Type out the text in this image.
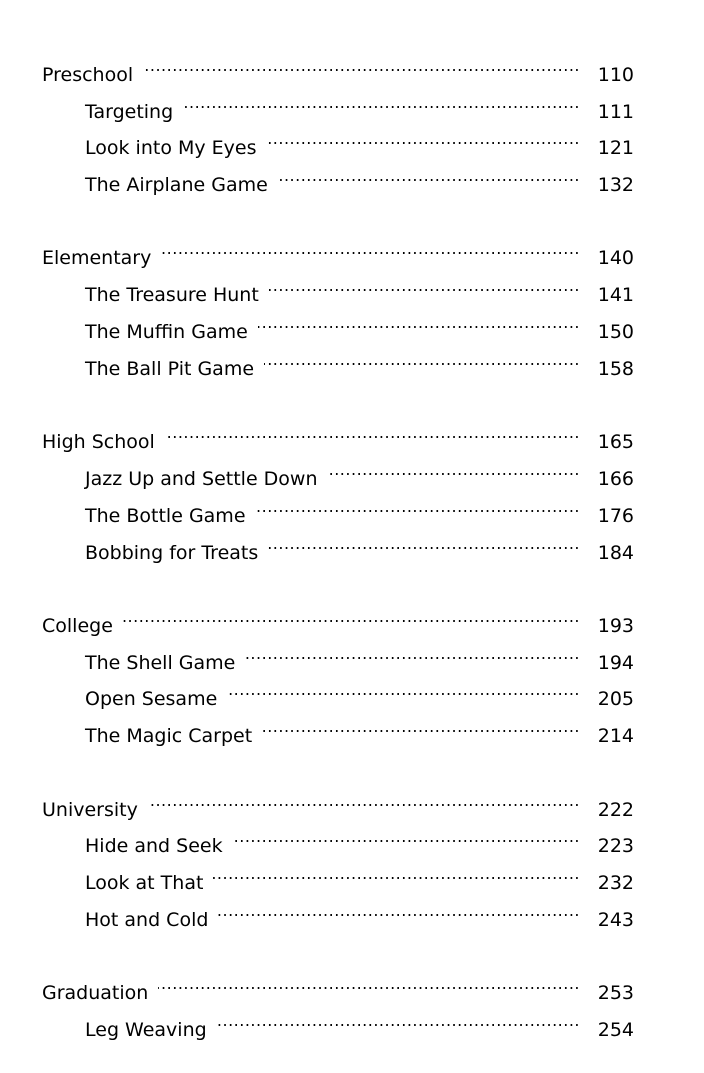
Preschool .....	110
Targeting .....	111
Look into My Eyes .....	121
The Airplane Game .....	132
Elementary .....	140
The Treasure Hunt .....	141
The Muffin Game .....	150
The Ball Pit Game .....	158
High School .....	165
Jazz Up and Settle Down .....	166
The Bottle Game .....	176
Bobbing for Treats .....	184
College .....	193
The Shell Game .....	194
Open Sesame .....	205
The Magic Carpet .....	214
University .....	222
Hide and Seek .....	223
Look at That .....	232
Hot and Cold .....	243
Graduation .....	253
Leg Weaving .....	254
